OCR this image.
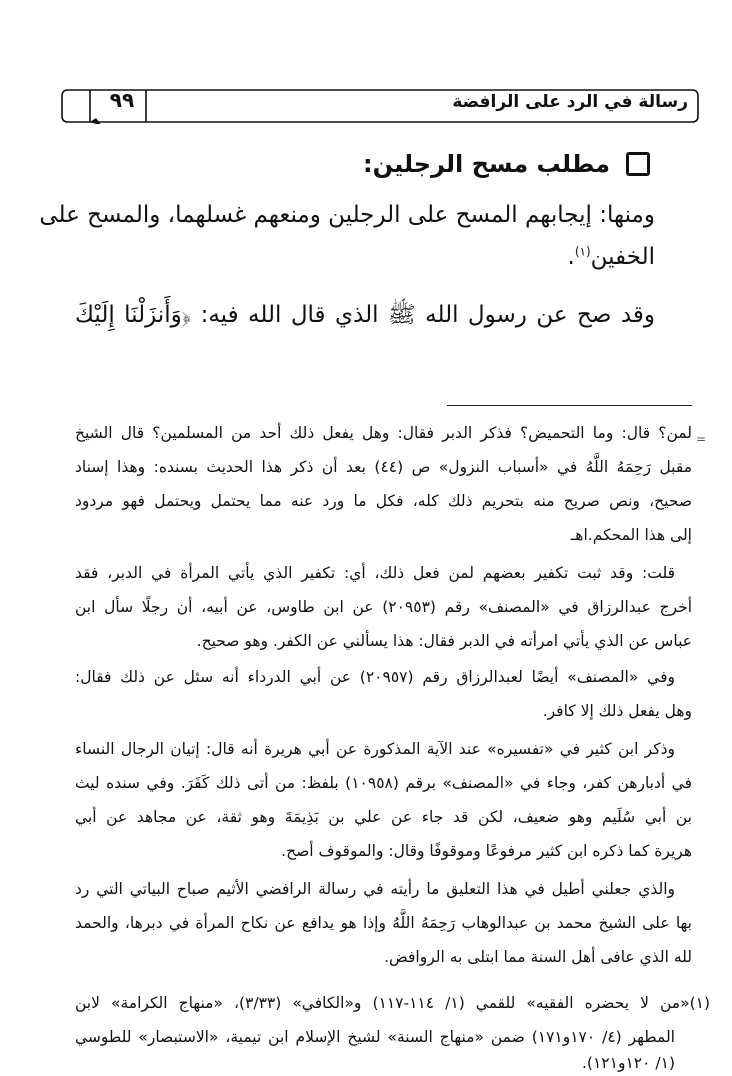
٩٩	رسالة في الرد على الرافضة
مطلب مسح الرجلين:
ومنها: إيجابهم المسح على الرجلين ومنعهم غسلهما، والمسح على
الخفين$^{(١)}$.
وقد صح عن رسول الله ﷺ الذي قال الله فيه: ﴿وَأَنزَلْنَا إِلَيْكَ
=
لمن؟ قال: وما التحميض؟ فذكر الدبر فقال: وهل يفعل ذلك أحد من المسلمين؟ قال الشيخ
مقبل رَحِمَهُ اللَّهُ في «أسباب النزول» ص (٤٤) بعد أن ذكر هذا الحديث بسنده: وهذا إسناد
صحيح، ونص صريح منه بتحريم ذلك كله، فكل ما ورد عنه مما يحتمل ويحتمل فهو مردود
إلى هذا المحكم.اهـ
قلت: وقد ثبت تكفير بعضهم لمن فعل ذلك، أي: تكفير الذي يأتي المرأة في الدبر، فقد
أخرج عبدالرزاق في «المصنف» رقم (٢٠٩٥٣) عن ابن طاوس، عن أبيه، أن رجلًا سأل ابن
عباس عن الذي يأتي امرأته في الدبر فقال: هذا يسألني عن الكفر. وهو صحيح.
وفي «المصنف» أيضًا لعبدالرزاق رقم (٢٠٩٥٧) عن أبي الدرداء أنه سئل عن ذلك فقال:
وهل يفعل ذلك إلا كافر.
وذكر ابن كثير في «تفسيره» عند الآية المذكورة عن أبي هريرة أنه قال: إتيان الرجال النساء
في أدبارهن كفر، وجاء في «المصنف» برقم (١٠٩٥٨) بلفظ: من أتى ذلك كَفَرَ. وفي سنده ليث
بن أبي سُلَيم وهو ضعيف، لكن قد جاء عن علي بن بَذِيمَةَ وهو ثقة، عن مجاهد عن أبي
هريرة كما ذكره ابن كثير مرفوعًا وموقوفًا وقال: والموقوف أصح.
والذي جعلني أطيل في هذا التعليق ما رأيته في رسالة الرافضي الأثيم صباح البياتي التي رد
بها على الشيخ محمد بن عبدالوهاب رَحِمَهُ اللَّهُ وإذا هو يدافع عن نكاح المرأة في دبرها، والحمد
لله الذي عافى أهل السنة مما ابتلى به الروافض.
(١)«من لا يحضره الفقيه» للقمي (١/ ١١٤-١١٧) و«الكافي» (٣/٣٣)، «منهاج الكرامة» لابن
المطهر (٤/ ١٧٠و١٧١) ضمن «منهاج السنة» لشيخ الإسلام ابن تيمية، «الاستبصار» للطوسي
(١/ ١٢٠و١٢١).
